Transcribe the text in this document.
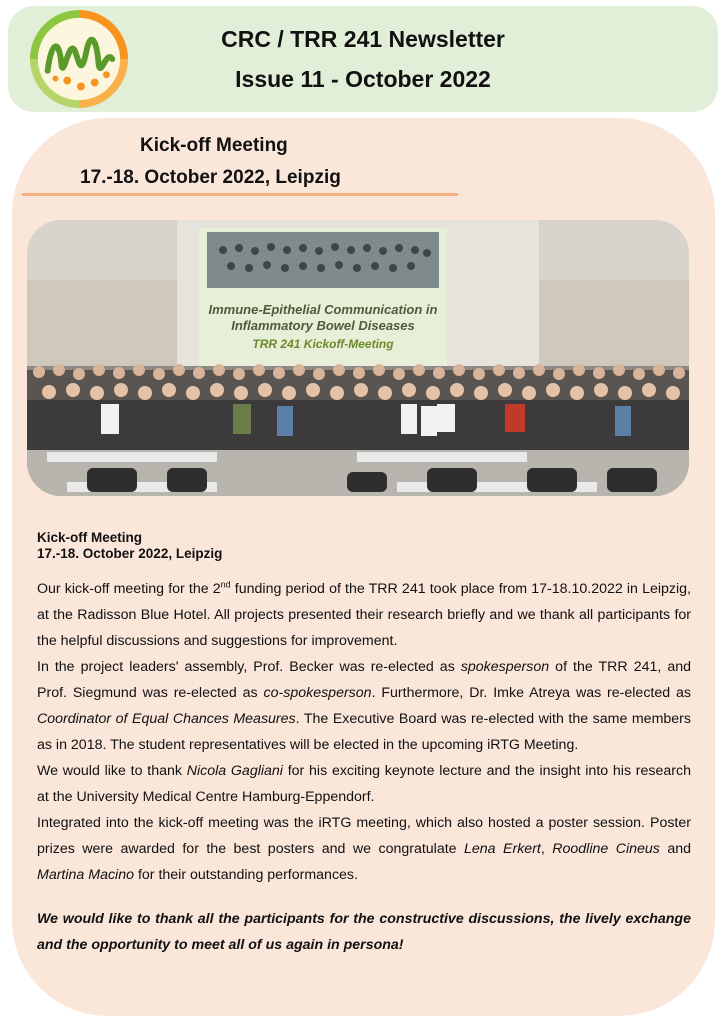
CRC / TRR 241 Newsletter
Issue 11 - October 2022
Kick-off Meeting
17.-18. October 2022, Leipzig
Immune-Epithelial Communication in
Inflammatory Bowel Diseases
TRR 241 Kickoff-Meeting
Kick-off Meeting
17.-18. October 2022, Leipzig

Our kick-off meeting for the 2nd funding period of the TRR 241 took place from 17-18.10.2022 in Leipzig, at the Radisson Blue Hotel. All projects presented their research briefly and we thank all participants for the helpful discussions and suggestions for improvement.

In the project leaders' assembly, Prof. Becker was re-elected as spokesperson of the TRR 241, and Prof. Siegmund was re-elected as co-spokesperson. Furthermore, Dr. Imke Atreya was re-elected as Coordinator of Equal Chances Measures. The Executive Board was re-elected with the same members as in 2018. The student representatives will be elected in the upcoming iRTG Meeting.

We would like to thank Nicola Gagliani for his exciting keynote lecture and the insight into his research at the University Medical Centre Hamburg-Eppendorf.

Integrated into the kick-off meeting was the iRTG meeting, which also hosted a poster session. Poster prizes were awarded for the best posters and we congratulate Lena Erkert, Roodline Cineus and Martina Macino for their outstanding performances.

We would like to thank all the participants for the constructive discussions, the lively exchange and the opportunity to meet all of us again in persona!
